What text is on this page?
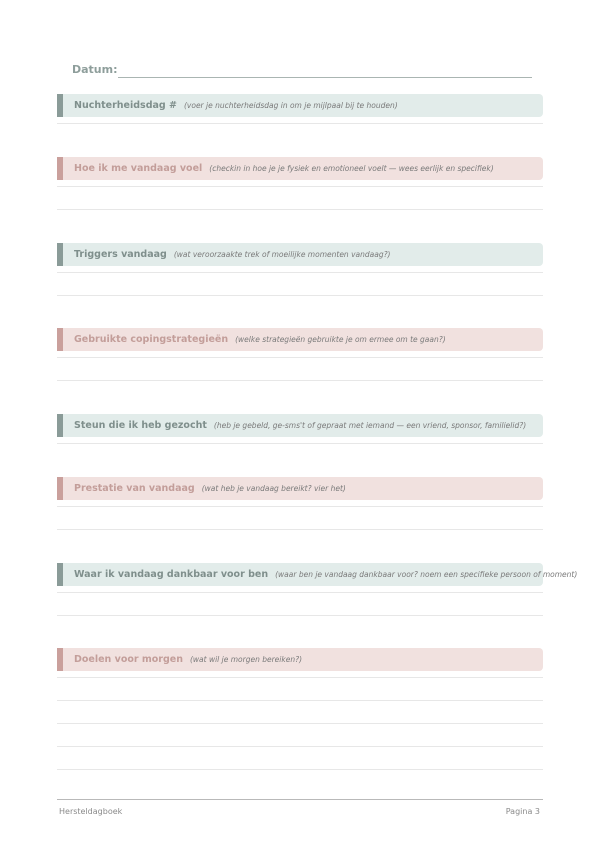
Datum:
Nuchterheidsdag # (voer je nuchterheidsdag in om je mijlpaal bij te houden)
Hoe ik me vandaag voel (checkin in hoe je je fysiek en emotioneel voelt — wees eerlijk en specifiek)
Triggers vandaag (wat veroorzaakte trek of moeilijke momenten vandaag?)
Gebruikte copingstrategieën (welke strategieën gebruikte je om ermee om te gaan?)
Steun die ik heb gezocht (heb je gebeld, ge-sms't of gepraat met iemand — een vriend, sponsor, familielid?)
Prestatie van vandaag (wat heb je vandaag bereikt? vier het)
Waar ik vandaag dankbaar voor ben (waar ben je vandaag dankbaar voor? noem een specifieke persoon of moment)
Doelen voor morgen (wat wil je morgen bereiken?)
Hersteldagboek	Pagina 3
